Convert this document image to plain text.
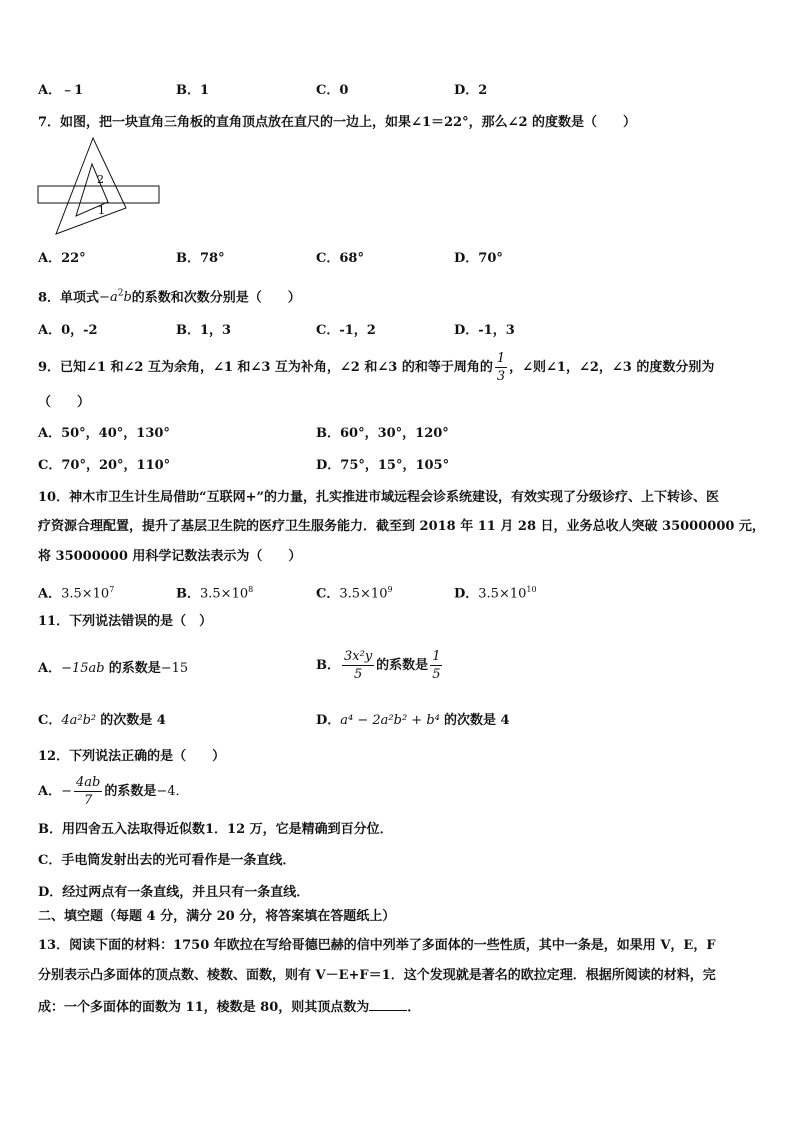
A．﹣1	B．1	C．0	D．2
7．如图，把一块直角三角板的直角顶点放在直尺的一边上，如果∠1＝22°，那么∠2 的度数是（　　）
2
1
A．22°	B．78°	C．68°	D．70°
8．单项式$-a^2b$的系数和次数分别是（　　）
A．0，-2	B．1，3	C．-1，2	D．-1，3
9．已知∠1 和∠2 互为余角，∠1 和∠3 互为补角，∠2 和∠3 的和等于周角的 $\frac{1}{3}$ ，∠则∠1，∠2，∠3 的度数分别为
（　　）
A．50°，40°，130°	B．60°，30°，120°
C．70°，20°，110°	D．75°，15°，105°
10．神木市卫生计生局借助“互联网+”的力量，扎实推进市域远程会诊系统建设，有效实现了分级诊疗、上下转诊、医
疗资源合理配置，提升了基层卫生院的医疗卫生服务能力．截至到 2018 年 11 月 28 日，业务总收人突破 35000000 元，
将 35000000 用科学记数法表示为（　　）
A．$3.5\times 10^7$	B．$3.5\times 10^8$	C．$3.5\times 10^9$	D．$3.5\times 10^{10}$
11．下列说法错误的是（　）
A．−15ab 的系数是−15	B． $\frac{\text{3x²y}}{5}$ 的系数是 $\frac{1}{5}$
C．4a²b² 的次数是 4	D．a⁴ − 2a²b² + b⁴ 的次数是 4
12．下列说法正确的是（　　）
A．− $\frac{4ab}{7}$ 的系数是−4．
B．用四舍五入法取得近似数1．12 万，它是精确到百分位．
C．手电筒发射出去的光可看作是一条直线．
D．经过两点有一条直线，并且只有一条直线．
二、填空题（每题 4 分，满分 20 分，将答案填在答题纸上）
13．阅读下面的材料：1750 年欧拉在写给哥德巴赫的信中列举了多面体的一些性质，其中一条是，如果用 V，E，F
分别表示凸多面体的顶点数、棱数、面数，则有 V－E+F＝1．这个发现就是著名的欧拉定理．根据所阅读的材料，完
成：一个多面体的面数为 11，棱数是 80，则其顶点数为	．
